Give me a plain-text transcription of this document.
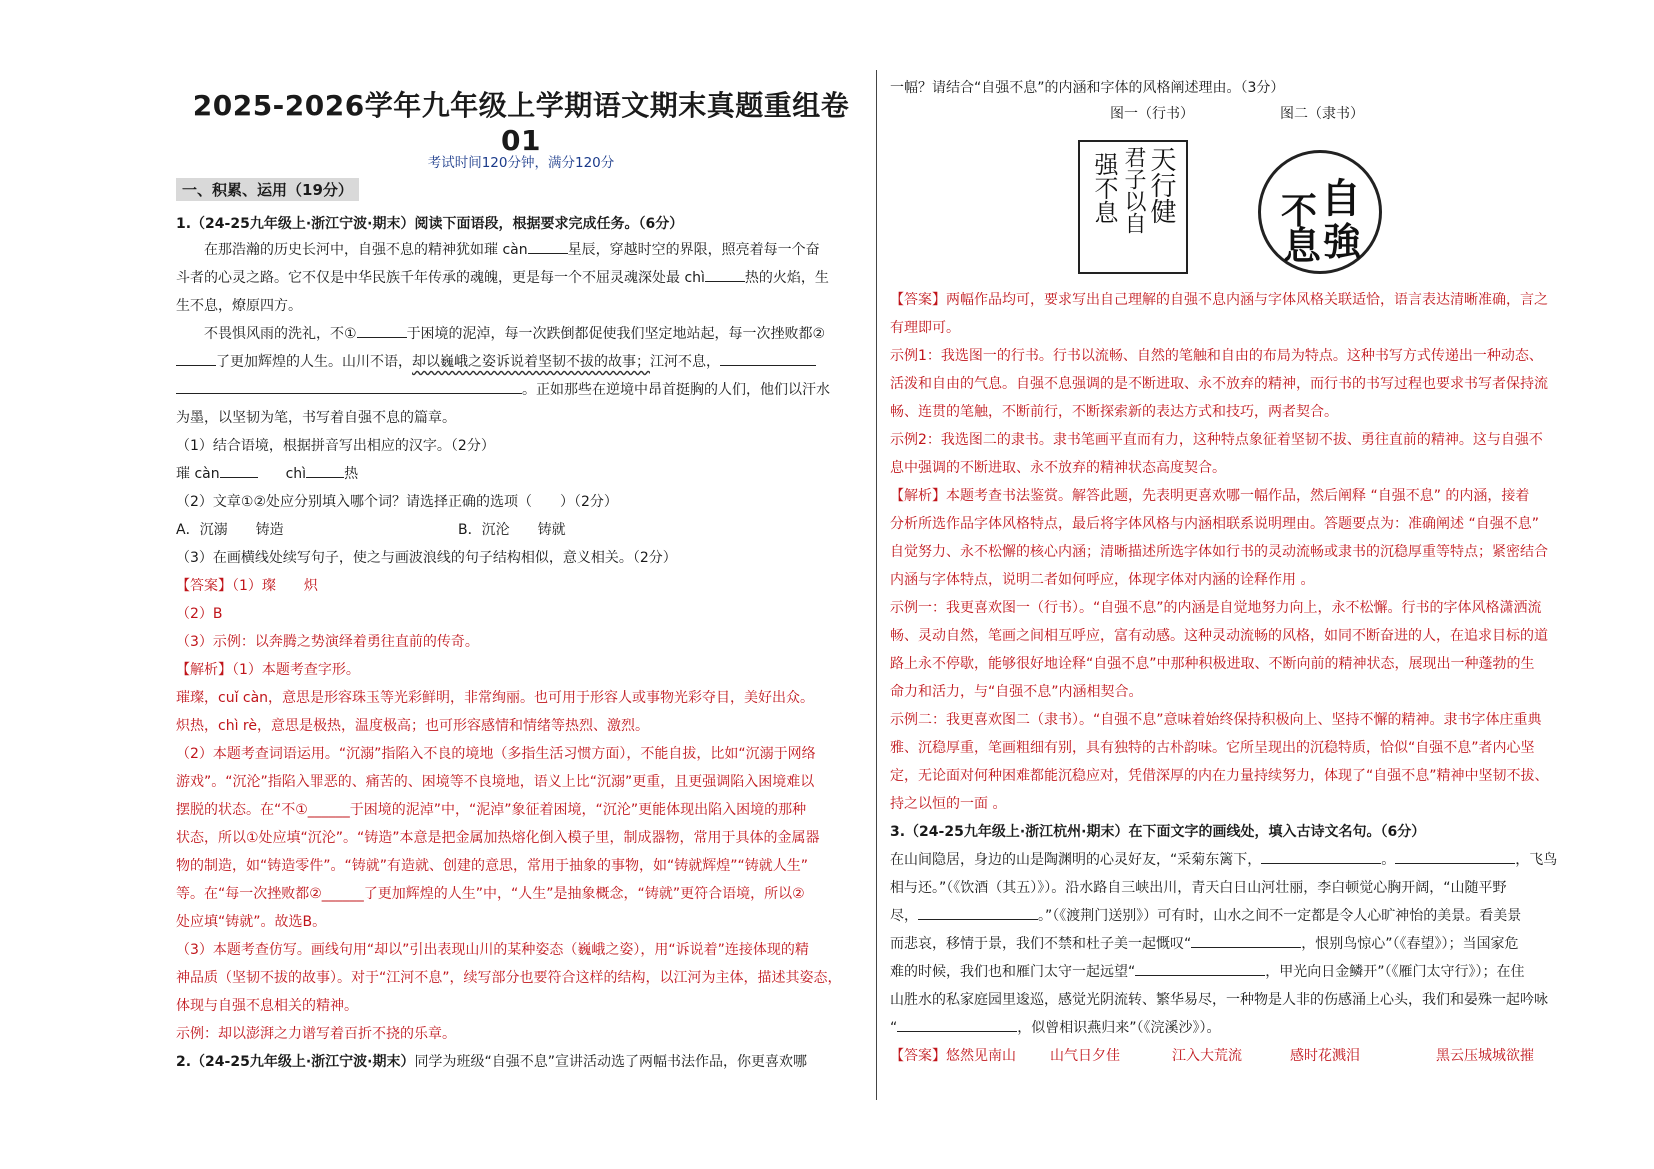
2025-2026学年九年级上学期语文期末真题重组卷 01
考试时间120分钟，满分120分
一、积累、运用（19分）

1.（24-25九年级上·浙江宁波·期末）阅读下面语段，根据要求完成任务。（6分）

在那浩瀚的历史长河中，自强不息的精神犹如璀 càn	星辰，穿越时空的界限，照亮着每一个奋

斗者的心灵之路。它不仅是中华民族千年传承的魂魄，更是每一个不屈灵魂深处最 chì	热的火焰，生

生不息，燎原四方。

不畏惧风雨的洗礼，不①	于困境的泥淖，每一次跌倒都促使我们坚定地站起，每一次挫败都②

了更加辉煌的人生。山川不语，却以巍峨之姿诉说着坚韧不拔的故事；江河不息，

。正如那些在逆境中昂首挺胸的人们，他们以汗水

为墨，以坚韧为笔，书写着自强不息的篇章。

（1）结合语境，根据拼音写出相应的汉字。（2分）

璀 càn	chì	热

（2）文章①②处应分别填入哪个词？请选择正确的选项（　　）（2分）

A．沉溺　　铸造	B．沉沦　　铸就

（3）在画横线处续写句子，使之与画波浪线的句子结构相似，意义相关。（2分）

【答案】（1）璨　　炽

（2）B

（3）示例：以奔腾之势演绎着勇往直前的传奇。

【解析】（1）本题考查字形。

璀璨，cuǐ càn，意思是形容珠玉等光彩鲜明，非常绚丽。也可用于形容人或事物光彩夺目，美好出众。

炽热，chì rè，意思是极热，温度极高；也可形容感情和情绪等热烈、激烈。

（2）本题考查词语运用。“沉溺”指陷入不良的境地（多指生活习惯方面），不能自拔，比如“沉溺于网络

游戏”。“沉沦”指陷入罪恶的、痛苦的、困境等不良境地，语义上比“沉溺”更重，且更强调陷入困境难以

摆脱的状态。在“不①______于困境的泥淖”中，“泥淖”象征着困境，“沉沦”更能体现出陷入困境的那种

状态，所以①处应填“沉沦”。“铸造”本意是把金属加热熔化倒入模子里，制成器物，常用于具体的金属器

物的制造，如“铸造零件”。“铸就”有造就、创建的意思，常用于抽象的事物，如“铸就辉煌”“铸就人生”

等。在“每一次挫败都②______了更加辉煌的人生”中，“人生”是抽象概念，“铸就”更符合语境，所以②

处应填“铸就”。故选B。

（3）本题考查仿写。画线句用“却以”引出表现山川的某种姿态（巍峨之姿），用“诉说着”连接体现的精

神品质（坚韧不拔的故事）。对于“江河不息”，续写部分也要符合这样的结构，以江河为主体，描述其姿态，

体现与自强不息相关的精神。

示例：却以澎湃之力谱写着百折不挠的乐章。

2.（24-25九年级上·浙江宁波·期末）同学为班级“自强不息”宣讲活动选了两幅书法作品，你更喜欢哪

一幅？请结合“自强不息”的内涵和字体的风格阐述理由。（3分）

图一（行书）	图二（隶书）

天行健
君子以自
强不息	自
不
息 強

【答案】两幅作品均可，要求写出自己理解的自强不息内涵与字体风格关联适恰，语言表达清晰准确，言之

有理即可。

示例1：我选图一的行书。行书以流畅、自然的笔触和自由的布局为特点。这种书写方式传递出一种动态、

活泼和自由的气息。自强不息强调的是不断进取、永不放弃的精神，而行书的书写过程也要求书写者保持流

畅、连贯的笔触，不断前行，不断探索新的表达方式和技巧，两者契合。

示例2：我选图二的隶书。隶书笔画平直而有力，这种特点象征着坚韧不拔、勇往直前的精神。这与自强不

息中强调的不断进取、永不放弃的精神状态高度契合。

【解析】本题考查书法鉴赏。解答此题，先表明更喜欢哪一幅作品，然后阐释 “自强不息” 的内涵，接着

分析所选作品字体风格特点，最后将字体风格与内涵相联系说明理由。答题要点为：准确阐述 “自强不息”

自觉努力、永不松懈的核心内涵；清晰描述所选字体如行书的灵动流畅或隶书的沉稳厚重等特点；紧密结合

内涵与字体特点，说明二者如何呼应，体现字体对内涵的诠释作用 。

示例一：我更喜欢图一（行书）。“自强不息”的内涵是自觉地努力向上，永不松懈。行书的字体风格潇洒流

畅、灵动自然，笔画之间相互呼应，富有动感。这种灵动流畅的风格，如同不断奋进的人，在追求目标的道

路上永不停歇，能够很好地诠释“自强不息”中那种积极进取、不断向前的精神状态，展现出一种蓬勃的生

命力和活力，与“自强不息”内涵相契合。

示例二：我更喜欢图二（隶书）。“自强不息”意味着始终保持积极向上、坚持不懈的精神。隶书字体庄重典

雅、沉稳厚重，笔画粗细有别，具有独特的古朴韵味。它所呈现出的沉稳特质，恰似“自强不息”者内心坚

定，无论面对何种困难都能沉稳应对，凭借深厚的内在力量持续努力，体现了“自强不息”精神中坚韧不拔、

持之以恒的一面 。

3.（24-25九年级上·浙江杭州·期末）在下面文字的画线处，填入古诗文名句。（6分）

在山间隐居，身边的山是陶渊明的心灵好友，“采菊东篱下，	。	，飞鸟

相与还。”（《饮酒（其五）》）。沿水路自三峡出川，青天白日山河壮丽，李白顿觉心胸开阔，“山随平野

尽，	。”（《渡荆门送别》）可有时，山水之间不一定都是令人心旷神怡的美景。看美景

而悲哀，移情于景，我们不禁和杜子美一起慨叹“	，恨别鸟惊心”（《春望》）；当国家危

难的时候，我们也和雁门太守一起远望“	，甲光向日金鳞开”（《雁门太守行》）；在住

山胜水的私家庭园里逡巡，感觉光阴流转、繁华易尽，一种物是人非的伤感涌上心头，我们和晏殊一起吟咏

“	，似曾相识燕归来”（《浣溪沙》）。

【答案】悠然见南山 山气日夕佳	江入大荒流	感时花溅泪	黑云压城城欲摧
